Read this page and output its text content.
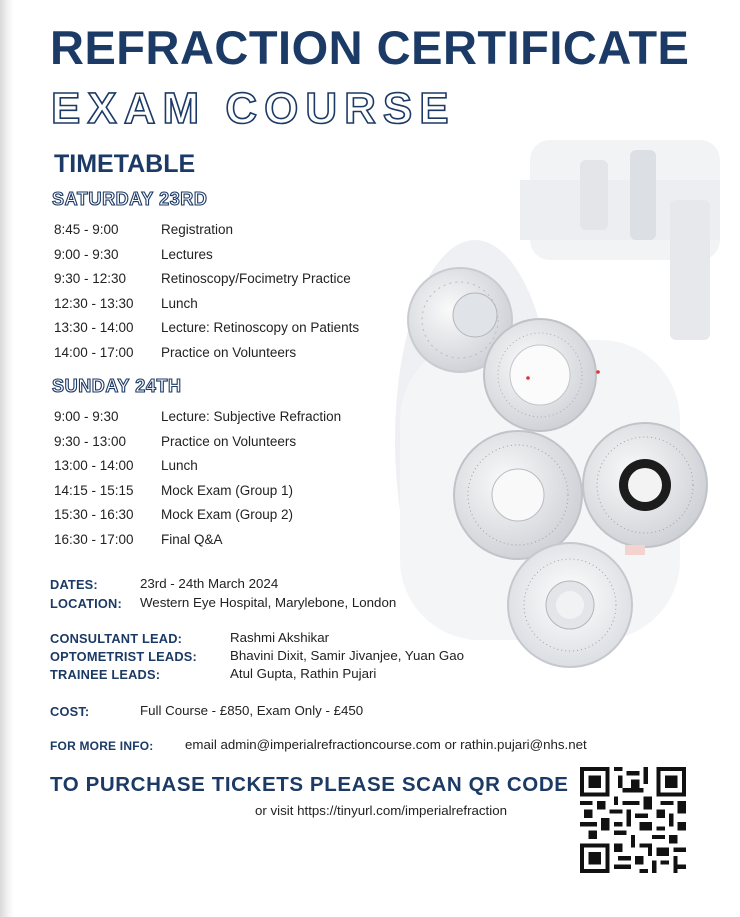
REFRACTION CERTIFICATE
EXAM COURSE
TIMETABLE
SATURDAY 23RD
8:45 - 9:00	Registration
9:00 - 9:30	Lectures
9:30 - 12:30	Retinoscopy/Focimetry Practice
12:30 - 13:30 Lunch
13:30 - 14:00 Lecture: Retinoscopy on Patients
14:00 - 17:00 Practice on Volunteers
SUNDAY 24TH
9:00 - 9:30	Lecture: Subjective Refraction
9:30 - 13:00	Practice on Volunteers
13:00 - 14:00 Lunch
14:15 - 15:15 Mock Exam (Group 1)
15:30 - 16:30 Mock Exam (Group 2)
16:30 - 17:00 Final Q&A
DATES:	23rd - 24th March 2024
LOCATION: Western Eye Hospital, Marylebone, London
CONSULTANT LEAD:	Rashmi Akshikar
OPTOMETRIST LEADS: Bhavini Dixit, Samir Jivanjee, Yuan Gao
TRAINEE LEADS:	Atul Gupta, Rathin Pujari
COST:	Full Course - £850, Exam Only - £450
FOR MORE INFO: email admin@imperialrefractioncourse.com or rathin.pujari@nhs.net
TO PURCHASE TICKETS PLEASE SCAN QR CODE
or visit https://tinyurl.com/imperialrefraction
